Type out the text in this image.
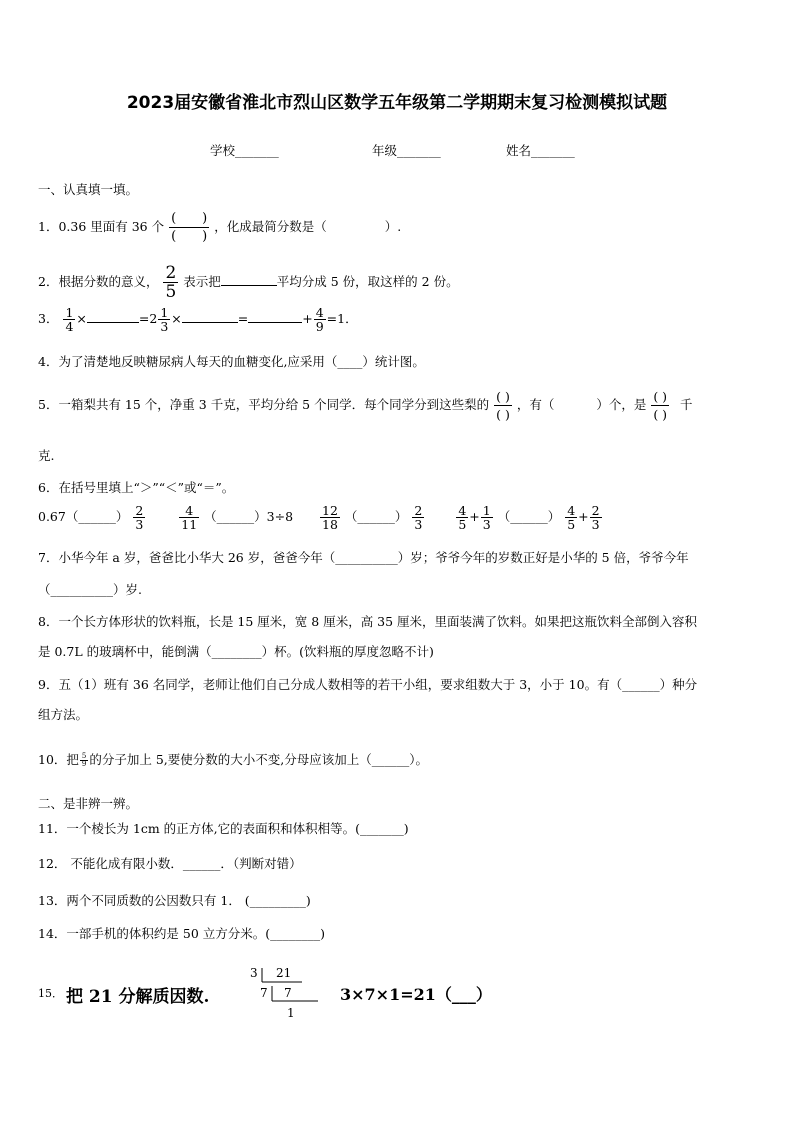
2023届安徽省淮北市烈山区数学五年级第二学期期末复习检测模拟试题
学校_______	年级_______	姓名_______
一、认真填一填。
1．0.36 里面有 36 个 $\frac{( )}{( )}$ ，化成最简分数是（	）.
2．根据分数的意义， $\frac{2}{5}$ 表示把	平均分成 5 份，取这样的 2 份。
3． $\frac{1}{4}$ ×	$=2 \frac{1}{3}$ ×	=	+ $\frac{4}{9} =1$．
4．为了清楚地反映糖尿病人每天的血糖变化,应采用（____）统计图。
5．一箱梨共有 15 个，净重 3 千克，平均分给 5 个同学．每个同学分到这些梨的 $\frac{( )}{( )}$ ，有（	）个，是 $\frac{( )}{( )}$ 千
克.
6．在括号里填上“＞”“＜”或“＝”。
0.67（______） $\frac{2}{3}$
	$\frac{4}{11}$ （______）3÷8 $\frac{12}{18}$ （______） $\frac{2}{3}$
	$\frac{4}{5} + \frac{1}{3}$ （______） $\frac{4}{5} + \frac{2}{3}$
7．小华今年 a 岁，爸爸比小华大 26 岁，爸爸今年（__________）岁；爷爷今年的岁数正好是小华的 5 倍，爷爷今年
（__________）岁.
8．一个长方体形状的饮料瓶，长是 15 厘米，宽 8 厘米，高 35 厘米，里面装满了饮料。如果把这瓶饮料全部倒入容积
是 0.7L 的玻璃杯中，能倒满（________）杯。(饮料瓶的厚度忽略不计)
9．五（1）班有 36 名同学，老师让他们自己分成人数相等的若干小组，要求组数大于 3，小于 10。有（______）种分
组方法。
10．把 $\frac{5}{9}$ 的分子加上 5,要使分数的大小不变,分母应该加上（______）。
二、是非辨一辨。
11．一个棱长为 1cm 的正方体,它的表面积和体积相等。(_______)
12． 不能化成有限小数．______．（判断对错）
13．两个不同质数的公因数只有 1． (_________)
14．一部手机的体积约是 50 立方分米。(________)
15． 把 21 分解质因数.
3 21
7 7
1
3×7×1=21（___）
